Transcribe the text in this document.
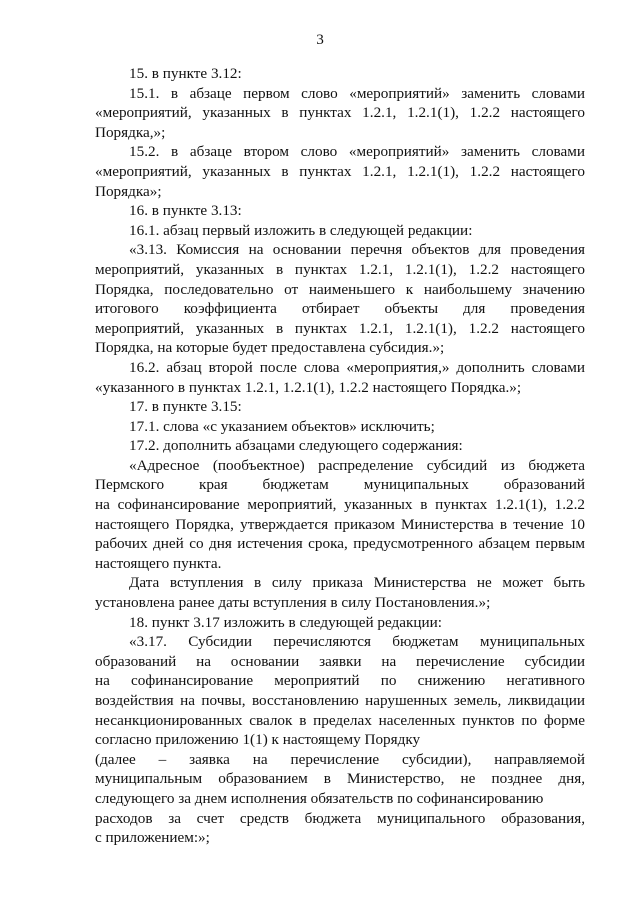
3

15. в пункте 3.12:

15.1. в абзаце первом слово «мероприятий» заменить словами «мероприятий, указанных в пунктах 1.2.1, 1.2.1(1), 1.2.2 настоящего Порядка,»;

15.2. в абзаце втором слово «мероприятий» заменить словами «мероприятий, указанных в пунктах 1.2.1, 1.2.1(1), 1.2.2 настоящего Порядка»;

16. в пункте 3.13:

16.1. абзац первый изложить в следующей редакции:

«3.13. Комиссия на основании перечня объектов для проведения мероприятий, указанных в пунктах 1.2.1, 1.2.1(1), 1.2.2 настоящего Порядка, последовательно от наименьшего к наибольшему значению

итогового коэффициента отбирает объекты для проведения

мероприятий, указанных в пунктах 1.2.1, 1.2.1(1), 1.2.2 настоящего Порядка, на которые будет предоставлена субсидия.»;

16.2. абзац второй после слова «мероприятия,» дополнить словами «указанного в пунктах 1.2.1, 1.2.1(1), 1.2.2 настоящего Порядка.»;

17. в пункте 3.15:

17.1. слова «с указанием объектов» исключить;

17.2. дополнить абзацами следующего содержания:

«Адресное (пообъектное) распределение субсидий из бюджета

Пермского края бюджетам муниципальных образований

на софинансирование мероприятий, указанных в пунктах 1.2.1(1), 1.2.2 настоящего Порядка, утверждается приказом Министерства в течение 10 рабочих дней со дня истечения срока, предусмотренного абзацем первым настоящего пункта.

Дата вступления в силу приказа Министерства не может быть установлена ранее даты вступления в силу Постановления.»;

18. пункт 3.17 изложить в следующей редакции:

«3.17. Субсидии перечисляются бюджетам муниципальных

образований на основании заявки на перечисление субсидии

на софинансирование мероприятий по снижению негативного

воздействия на почвы, восстановлению нарушенных земель, ликвидации несанкционированных свалок в пределах населенных пунктов по форме согласно приложению 1(1) к настоящему Порядку

(далее – заявка на перечисление субсидии), направляемой

муниципальным образованием в Министерство, не позднее дня, следующего за днем исполнения обязательств по софинансированию

расходов за счет средств бюджета муниципального образования,

с приложением:»;
